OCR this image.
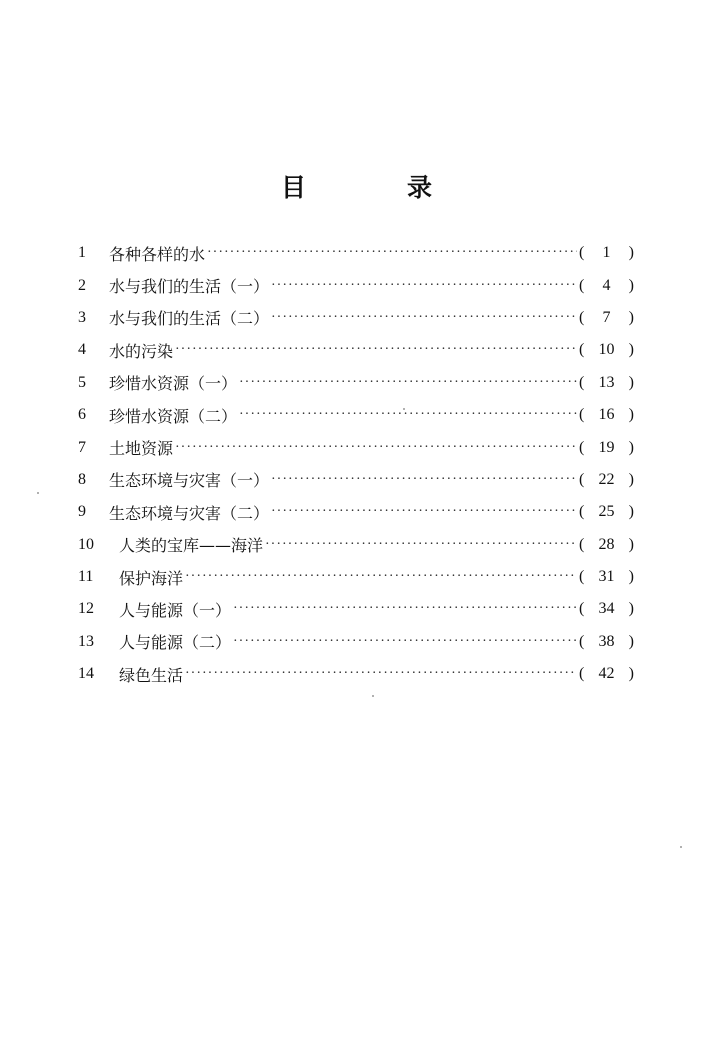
目　录
1	各种各样的水 ·····	(	1	)
2	水与我们的生活（一） ·····	(	4	)
3	水与我们的生活（二） ·····	(	7	)
4	水的污染 ·····	( 10 )
5	珍惜水资源（一） ·····	( 13 )
6	珍惜水资源（二） ·····	( 16 )
7	土地资源 ·····	( 19 )
8	生态环境与灾害（一） ·····	( 22 )
9	生态环境与灾害（二） ·····	( 25 )
10	人类的宝库——海洋 ·····	( 28 )
11	保护海洋 ·····	( 31 )
12	人与能源（一） ·····	( 34 )
13	人与能源（二） ·····	( 38 )
14	绿色生活 ·····	( 42 )
